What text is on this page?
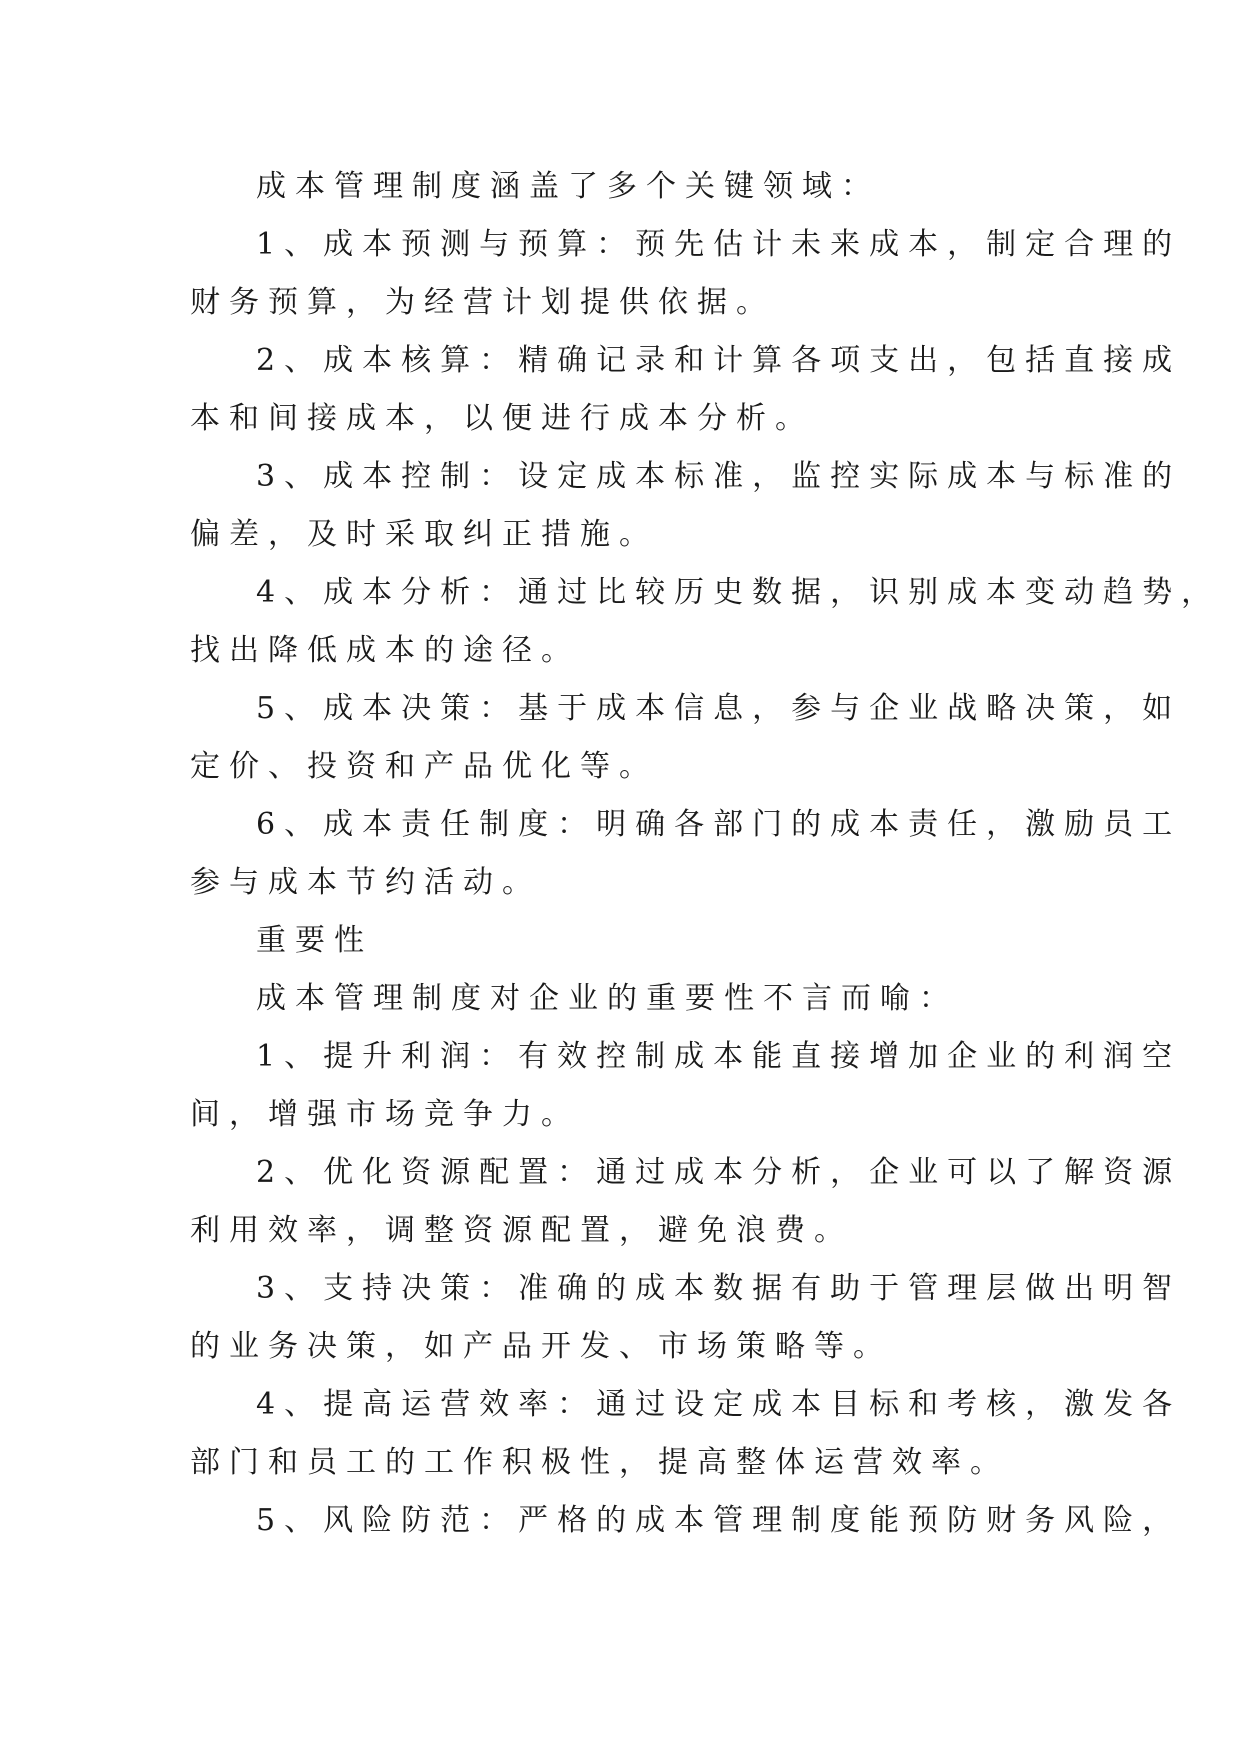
成本管理制度涵盖了多个关键领域：
1、成本预测与预算：预先估计未来成本，制定合理的
财务预算，为经营计划提供依据。
2、成本核算：精确记录和计算各项支出，包括直接成
本和间接成本，以便进行成本分析。
3、成本控制：设定成本标准，监控实际成本与标准的
偏差，及时采取纠正措施。
4、成本分析：通过比较历史数据，识别成本变动趋势，
找出降低成本的途径。
5、成本决策：基于成本信息，参与企业战略决策，如
定价、投资和产品优化等。
6、成本责任制度：明确各部门的成本责任，激励员工
参与成本节约活动。
重要性
成本管理制度对企业的重要性不言而喻：
1、提升利润：有效控制成本能直接增加企业的利润空
间，增强市场竞争力。
2、优化资源配置：通过成本分析，企业可以了解资源
利用效率，调整资源配置，避免浪费。
3、支持决策：准确的成本数据有助于管理层做出明智
的业务决策，如产品开发、市场策略等。
4、提高运营效率：通过设定成本目标和考核，激发各
部门和员工的工作积极性，提高整体运营效率。
5、风险防范：严格的成本管理制度能预防财务风险，
